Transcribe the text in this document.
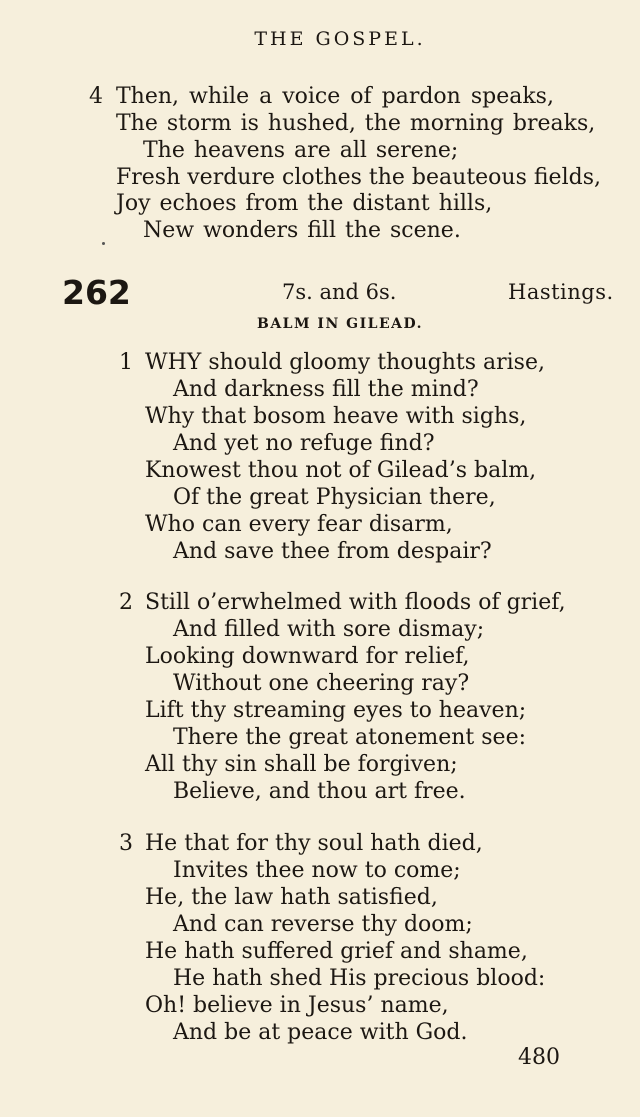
THE GOSPEL.
4 Then, while a voice of pardon speaks,
The storm is hushed, the morning breaks,
The heavens are all serene;
Fresh verdure clothes the beauteous fields,
Joy echoes from the distant hills,
New wonders fill the scene.
262	7s. and 6s.	Hastings.
BALM IN GILEAD.
1 WHY should gloomy thoughts arise,
And darkness fill the mind?
Why that bosom heave with sighs,
And yet no refuge find?
Knowest thou not of Gilead’s balm,
Of the great Physician there,
Who can every fear disarm,
And save thee from despair?
2 Still o’erwhelmed with floods of grief,
And filled with sore dismay;
Looking downward for relief,
Without one cheering ray?
Lift thy streaming eyes to heaven;
There the great atonement see:
All thy sin shall be forgiven;
Believe, and thou art free.
3 He that for thy soul hath died,
Invites thee now to come;
He, the law hath satisfied,
And can reverse thy doom;
He hath suffered grief and shame,
He hath shed His precious blood:
Oh! believe in Jesus’ name,
And be at peace with God.
480
